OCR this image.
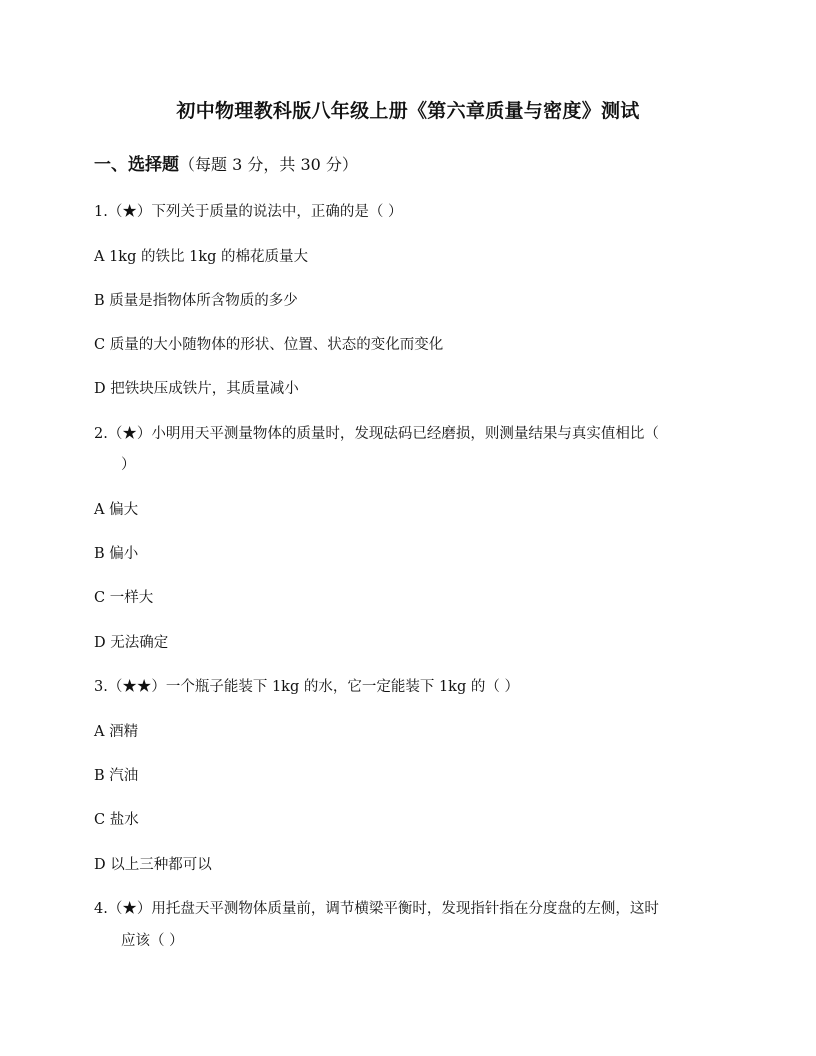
初中物理教科版八年级上册《第六章质量与密度》测试
一、选择题（每题 3 分，共 30 分）
1.（★）下列关于质量的说法中，正确的是（ ）
A 1kg 的铁比 1kg 的棉花质量大
B 质量是指物体所含物质的多少
C 质量的大小随物体的形状、位置、状态的变化而变化
D 把铁块压成铁片，其质量减小
2.（★）小明用天平测量物体的质量时，发现砝码已经磨损，则测量结果与真实值相比（
）
A 偏大
B 偏小
C 一样大
D 无法确定
3.（★★）一个瓶子能装下 1kg 的水，它一定能装下 1kg 的（ ）
A 酒精
B 汽油
C 盐水
D 以上三种都可以
4.（★）用托盘天平测物体质量前，调节横梁平衡时，发现指针指在分度盘的左侧，这时
应该（ ）
